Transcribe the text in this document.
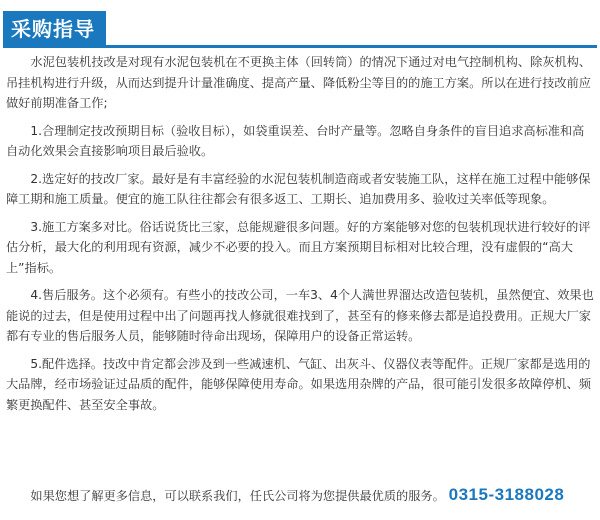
采购指导

水泥包装机技改是对现有水泥包装机在不更换主体（回转筒）的情况下通过对电气控制机构、除灰机构、吊挂机构进行升级，从而达到提升计量准确度、提高产量、降低粉尘等目的的施工方案。所以在进行技改前应做好前期准备工作;

1.合理制定技改预期目标（验收目标），如袋重误差、台时产量等。忽略自身条件的盲目追求高标准和高自动化效果会直接影响项目最后验收。

2.选定好的技改厂家。最好是有丰富经验的水泥包装机制造商或者安装施工队，这样在施工过程中能够保障工期和施工质量。便宜的施工队往往都会有很多返工、工期长、追加费用多、验收过关率低等现象。

3.施工方案多对比。俗话说货比三家，总能规避很多问题。好的方案能够对您的包装机现状进行较好的评估分析，最大化的利用现有资源，减少不必要的投入。而且方案预期目标相对比较合理，没有虚假的“高大上”指标。

4.售后服务。这个必须有。有些小的技改公司，一车3、4个人满世界溜达改造包装机，虽然便宜、效果也能说的过去，但是使用过程中出了问题再找人修就很难找到了，甚至有的修来修去都是追投费用。正规大厂家都有专业的售后服务人员，能够随时待命出现场，保障用户的设备正常运转。

5.配件选择。技改中肯定都会涉及到一些减速机、气缸、出灰斗、仪器仪表等配件。正规厂家都是选用的大品牌，经市场验证过品质的配件，能够保障使用寿命。如果选用杂牌的产品，很可能引发很多故障停机、频繁更换配件、甚至安全事故。

如果您想了解更多信息，可以联系我们，任氏公司将为您提供最优质的服务。 0315-3188028
